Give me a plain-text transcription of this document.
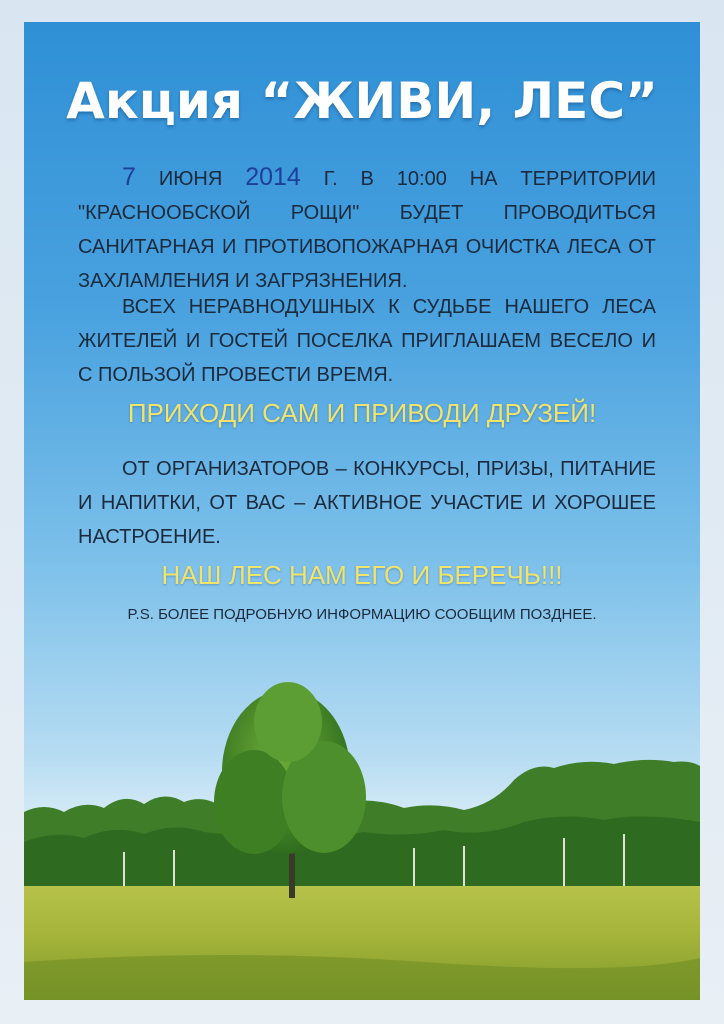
Акция “ЖИВИ, ЛЕС”
7 ИЮНЯ 2014 Г. В 10:00 НА ТЕРРИТОРИИ "КРАСНООБСКОЙ РОЩИ" БУДЕТ ПРОВОДИТЬСЯ САНИТАРНАЯ И ПРОТИВОПОЖАРНАЯ ОЧИСТКА ЛЕСА ОТ ЗАХЛАМЛЕНИЯ И ЗАГРЯЗНЕНИЯ.
ВСЕХ НЕРАВНОДУШНЫХ К СУДЬБЕ НАШЕГО ЛЕСА ЖИТЕЛЕЙ И ГОСТЕЙ ПОСЕЛКА ПРИГЛАШАЕМ ВЕСЕЛО И С ПОЛЬЗОЙ ПРОВЕСТИ ВРЕМЯ.
ПРИХОДИ САМ И ПРИВОДИ ДРУЗЕЙ!
ОТ ОРГАНИЗАТОРОВ – КОНКУРСЫ, ПРИЗЫ, ПИТАНИЕ И НАПИТКИ, ОТ ВАС – АКТИВНОЕ УЧАСТИЕ И ХОРОШЕЕ НАСТРОЕНИЕ.
НАШ ЛЕС НАМ ЕГО И БЕРЕЧЬ!!!
P.S. БОЛЕЕ ПОДРОБНУЮ ИНФОРМАЦИЮ СООБЩИМ ПОЗДНЕЕ.
